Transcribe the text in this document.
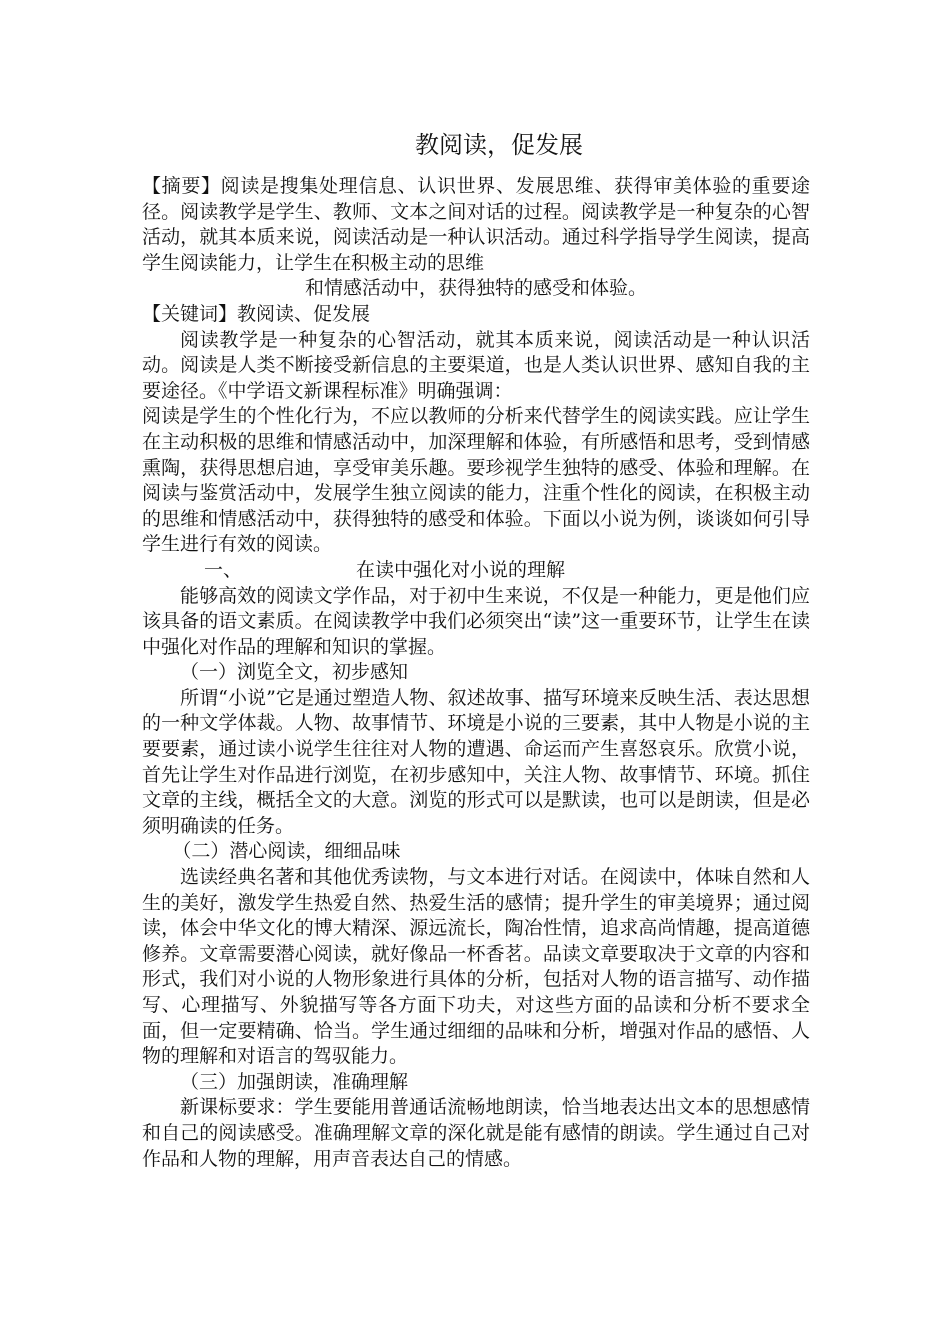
教阅读，促发展

【摘要】阅读是搜集处理信息、认识世界、发展思维、获得审美体验的重要途径。阅读教学是学生、教师、文本之间对话的过程。阅读教学是一种复杂的心智活动，就其本质来说，阅读活动是一种认识活动。通过科学指导学生阅读，提高学生阅读能力，让学生在积极主动的思维
和情感活动中，获得独特的感受和体验。

【关键词】教阅读、促发展

阅读教学是一种复杂的心智活动，就其本质来说，阅读活动是一种认识活动。阅读是人类不断接受新信息的主要渠道，也是人类认识世界、感知自我的主要途径。《中学语文新课程标准》明确强调：

阅读是学生的个性化行为，不应以教师的分析来代替学生的阅读实践。应让学生在主动积极的思维和情感活动中，加深理解和体验，有所感悟和思考，受到情感熏陶，获得思想启迪，享受审美乐趣。要珍视学生独特的感受、体验和理解。在阅读与鉴赏活动中，发展学生独立阅读的能力，注重个性化的阅读，在积极主动的思维和情感活动中，获得独特的感受和体验。下面以小说为例，谈谈如何引导学生进行有效的阅读。

一、	在读中强化对小说的理解

能够高效的阅读文学作品，对于初中生来说，不仅是一种能力，更是他们应该具备的语文素质。在阅读教学中我们必须突出“读”这一重要环节，让学生在读中强化对作品的理解和知识的掌握。

（一）浏览全文，初步感知

所谓“小说”它是通过塑造人物、叙述故事、描写环境来反映生活、表达思想的一种文学体裁。人物、故事情节、环境是小说的三要素，其中人物是小说的主要要素，通过读小说学生往往对人物的遭遇、命运而产生喜怒哀乐。欣赏小说，首先让学生对作品进行浏览，在初步感知中，关注人物、故事情节、环境。抓住文章的主线，概括全文的大意。浏览的形式可以是默读，也可以是朗读，但是必须明确读的任务。

（二）潜心阅读，细细品味

选读经典名著和其他优秀读物，与文本进行对话。在阅读中，体味自然和人生的美好，激发学生热爱自然、热爱生活的感情；提升学生的审美境界；通过阅读，体会中华文化的博大精深、源远流长，陶冶性情，追求高尚情趣，提高道德修养。文章需要潜心阅读，就好像品一杯香茗。品读文章要取决于文章的内容和形式，我们对小说的人物形象进行具体的分析，包括对人物的语言描写、动作描写、心理描写、外貌描写等各方面下功夫，对这些方面的品读和分析不要求全面，但一定要精确、恰当。学生通过细细的品味和分析，增强对作品的感悟、人物的理解和对语言的驾驭能力。

（三）加强朗读，准确理解

新课标要求：学生要能用普通话流畅地朗读，恰当地表达出文本的思想感情和自己的阅读感受。准确理解文章的深化就是能有感情的朗读。学生通过自己对作品和人物的理解，用声音表达自己的情感。
